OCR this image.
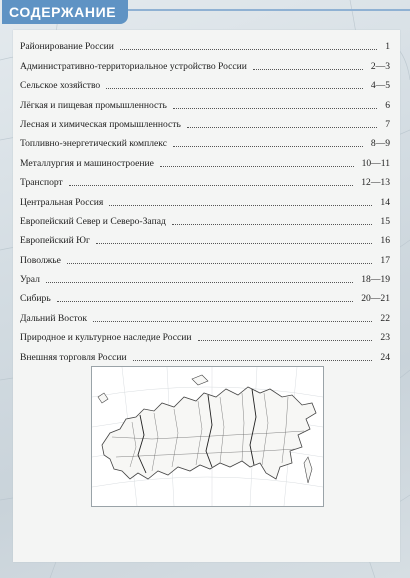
СОДЕРЖАНИЕ
Районирование России	1
Административно-территориальное устройство России	2—3
Сельское хозяйство	4—5
Лёгкая и пищевая промышленность	6
Лесная и химическая промышленность	7
Топливно-энергетический комплекс	8—9
Металлургия и машиностроение	10—11
Транспорт	12—13
Центральная Россия	14
Европейский Север и Северо-Запад	15
Европейский Юг	16
Поволжье	17
Урал	18—19
Сибирь	20—21
Дальний Восток	22
Природное и культурное наследие России	23
Внешняя торговля России	24
